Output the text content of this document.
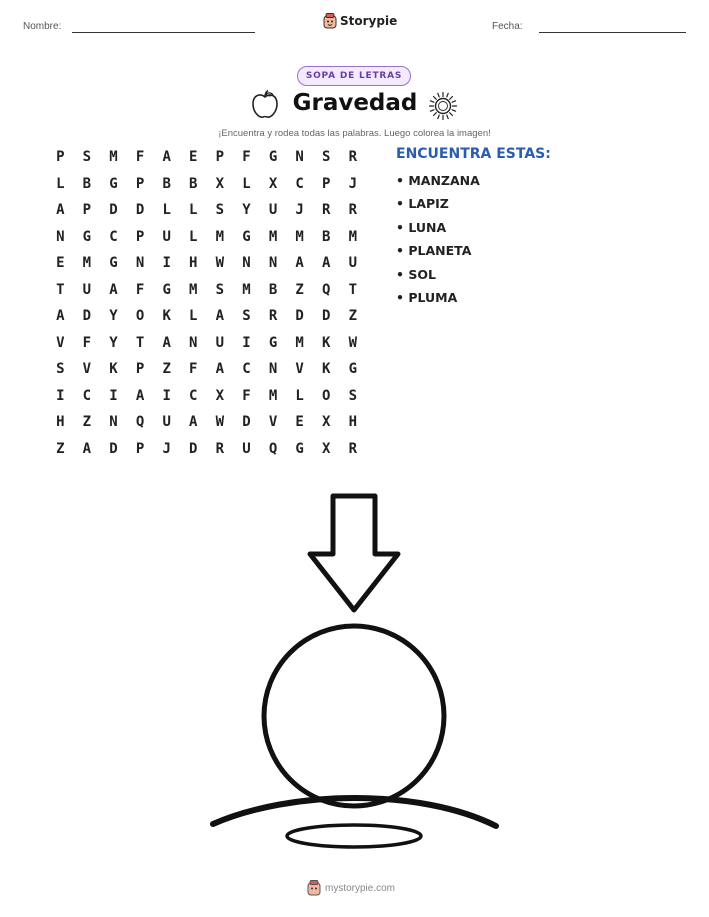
Nombre:	Storypie	Fecha:
SOPA DE LETRAS
Gravedad
¡Encuentra y rodea todas las palabras. Luego colorea la imagen!
P	S	M	F	A	E	P	F	G	N	S	R
L	B	G	P	B	B	X	L	X	C	P	J
A	P	D	D	L	L	S	Y	U	J	R	R
N	G	C	P	U	L	M	G	M	M	B	M
E	M	G	N	I	H	W	N	N	A	A	U
T	U	A	F	G	M	S	M	B	Z	Q	T
A	D	Y	O	K	L	A	S	R	D	D	Z
V	F	Y	T	A	N	U	I	G	M	K	W
S	V	K	P	Z	F	A	C	N	V	K	G
I	C	I	A	I	C	X	F	M	L	O	S
H	Z	N	Q	U	A	W	D	V	E	X	H
Z	A	D	P	J	D	R	U	Q	G	X	R
ENCUENTRA ESTAS:
• MANZANA
• LAPIZ
• LUNA
• PLANETA
• SOL
• PLUMA
mystorypie.com
